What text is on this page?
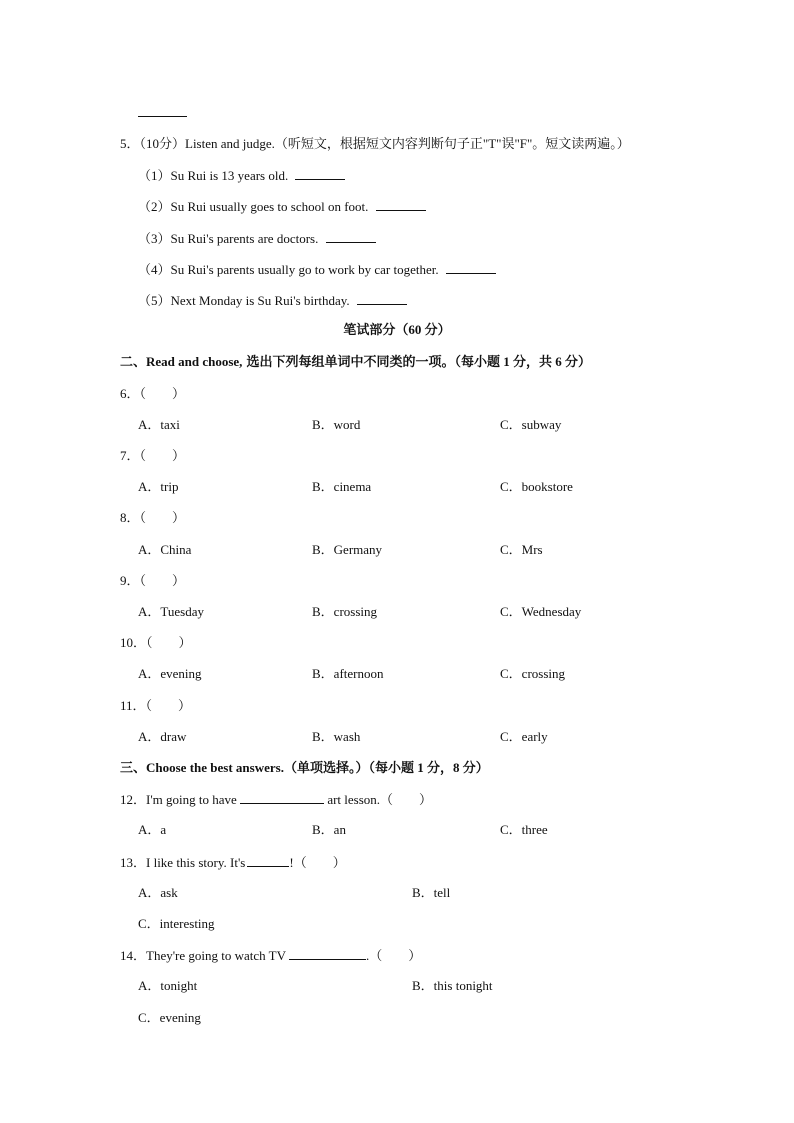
5．（10分）Listen and judge.（听短文，根据短文内容判断句子正"T"误"F"。短文读两遍。）
（1）Su Rui is 13 years old.
（2）Su Rui usually goes to school on foot.
（3）Su Rui's parents are doctors.
（4）Su Rui's parents usually go to work by car together.
（5）Next Monday is Su Rui's birthday.
笔试部分（60 分）
二、Read and choose, 选出下列每组单词中不同类的一项。（每小题 1 分，共 6 分）
6．（　　）
A．taxi	B．word	C．subway
7．（　　）
A．trip	B．cinema	C．bookstore
8．（　　）
A．China	B．Germany	C．Mrs
9．（　　）
A．Tuesday	B．crossing	C．Wednesday
10．（　　）
A．evening	B．afternoon	C．crossing
11．（　　）
A．draw	B．wash	C．early
三、Choose the best answers.（单项选择。）（每小题 1 分，8 分）
12．I'm going to have	art lesson.（　　）
A．a	B．an	C．three
13．I like this story. It's	!（　　）
A．ask	B．tell
C．interesting
14．They're going to watch TV	.（　　）
A．tonight	B．this tonight
C．evening
